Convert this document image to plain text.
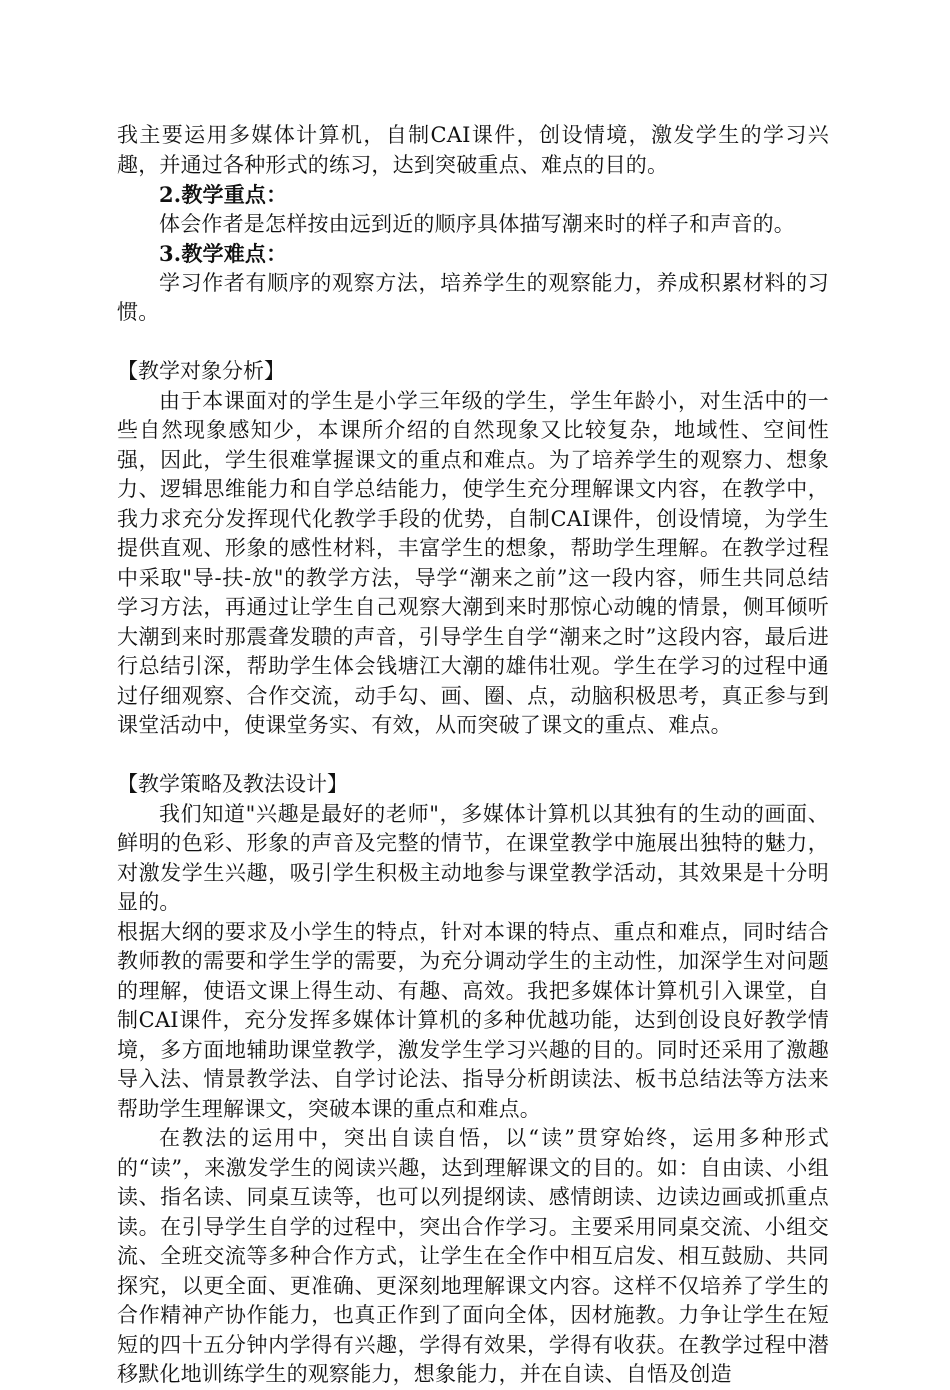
我主要运用多媒体计算机，自制CAI课件，创设情境，激发学生的学习兴趣，并通过各种形式的练习，达到突破重点、难点的目的。

2.教学重点：

体会作者是怎样按由远到近的顺序具体描写潮来时的样子和声音的。

3.教学难点：

学习作者有顺序的观察方法，培养学生的观察能力，养成积累材料的习惯。

【教学对象分析】

由于本课面对的学生是小学三年级的学生，学生年龄小，对生活中的一些自然现象感知少，本课所介绍的自然现象又比较复杂，地域性、空间性强，因此，学生很难掌握课文的重点和难点。为了培养学生的观察力、想象力、逻辑思维能力和自学总结能力，使学生充分理解课文内容，在教学中，我力求充分发挥现代化教学手段的优势，自制CAI课件，创设情境，为学生提供直观、形象的感性材料，丰富学生的想象，帮助学生理解。在教学过程中采取"导-扶-放"的教学方法，导学“潮来之前”这一段内容，师生共同总结学习方法，再通过让学生自己观察大潮到来时那惊心动魄的情景，侧耳倾听大潮到来时那震聋发聩的声音，引导学生自学“潮来之时”这段内容，最后进行总结引深，帮助学生体会钱塘江大潮的雄伟壮观。学生在学习的过程中通过仔细观察、合作交流，动手勾、画、圈、点，动脑积极思考，真正参与到课堂活动中，使课堂务实、有效，从而突破了课文的重点、难点。

【教学策略及教法设计】

我们知道"兴趣是最好的老师"，多媒体计算机以其独有的生动的画面、鲜明的色彩、形象的声音及完整的情节，在课堂教学中施展出独特的魅力，对激发学生兴趣，吸引学生积极主动地参与课堂教学活动，其效果是十分明显的。

根据大纲的要求及小学生的特点，针对本课的特点、重点和难点，同时结合教师教的需要和学生学的需要，为充分调动学生的主动性，加深学生对问题的理解，使语文课上得生动、有趣、高效。我把多媒体计算机引入课堂，自制CAI课件，充分发挥多媒体计算机的多种优越功能，达到创设良好教学情境，多方面地辅助课堂教学，激发学生学习兴趣的目的。同时还采用了激趣导入法、情景教学法、自学讨论法、指导分析朗读法、板书总结法等方法来帮助学生理解课文，突破本课的重点和难点。

在教法的运用中，突出自读自悟，以“读”贯穿始终，运用多种形式的“读”，来激发学生的阅读兴趣，达到理解课文的目的。如：自由读、小组读、指名读、同桌互读等，也可以列提纲读、感情朗读、边读边画或抓重点读。在引导学生自学的过程中，突出合作学习。主要采用同桌交流、小组交流、全班交流等多种合作方式，让学生在全作中相互启发、相互鼓励、共同探究，以更全面、更准确、更深刻地理解课文内容。这样不仅培养了学生的合作精神产协作能力，也真正作到了面向全体，因材施教。力争让学生在短短的四十五分钟内学得有兴趣，学得有效果，学得有收获。在教学过程中潜移默化地训练学生的观察能力，想象能力，并在自读、自悟及创造
